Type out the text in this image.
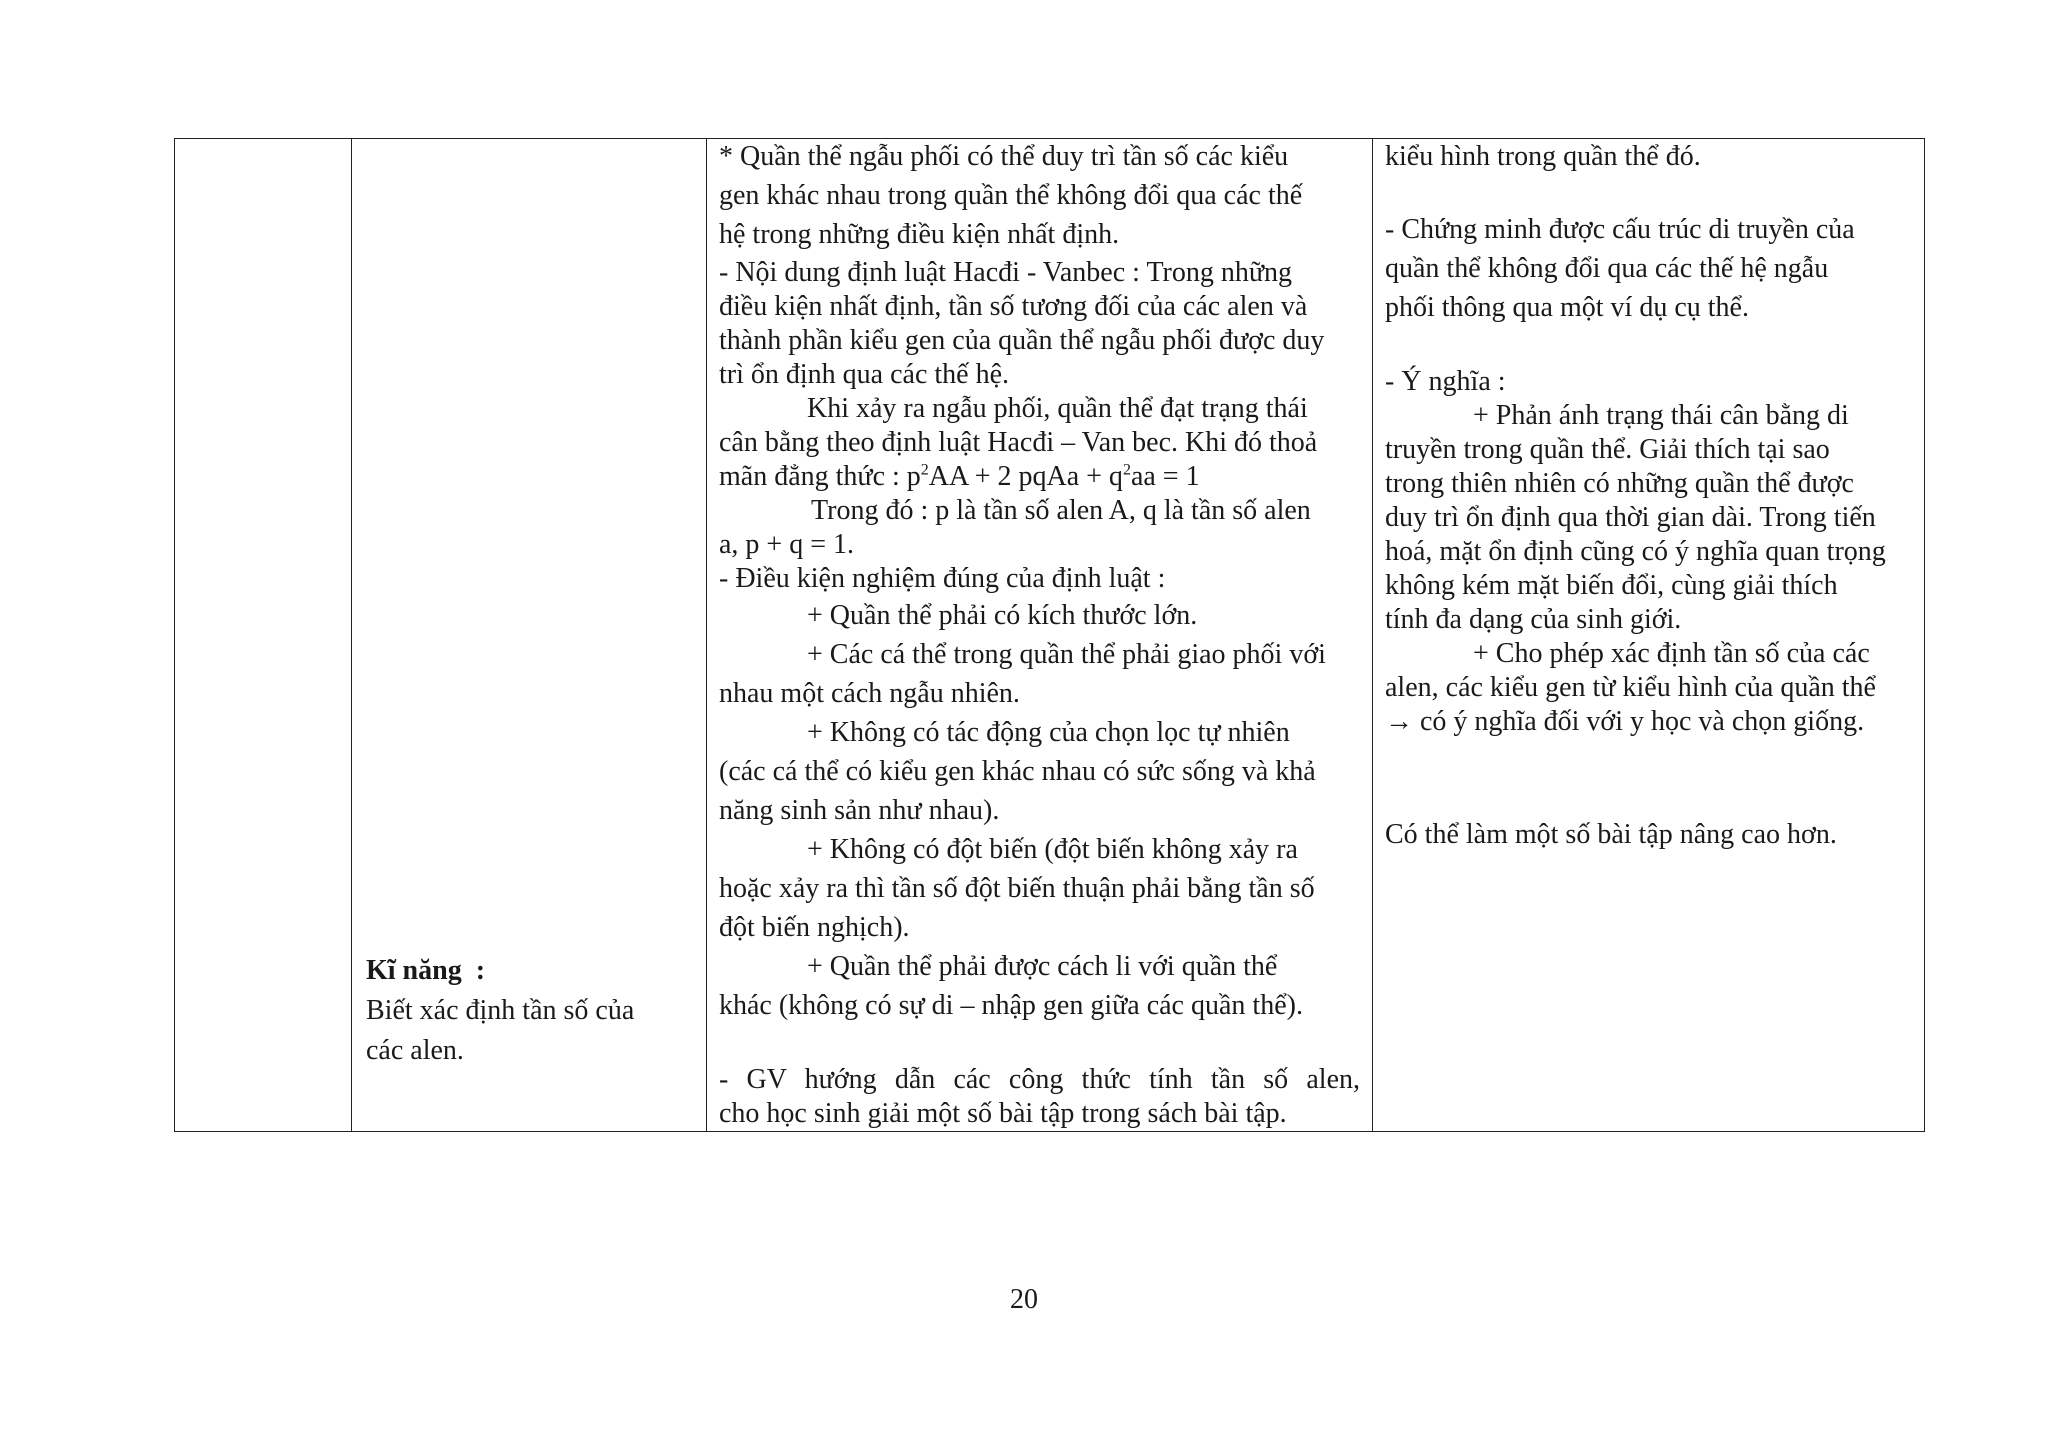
Kĩ năng  :
Biết xác định tần số của
các alen.

* Quần thể ngẫu phối có thể duy trì tần số các kiểu
gen khác nhau trong quần thể không đổi qua các thế
hệ trong những điều kiện nhất định.
- Nội dung định luật Hacđi - Vanbec : Trong những
điều kiện nhất định, tần số tương đối của các alen và
thành phần kiểu gen của quần thể ngẫu phối được duy
trì ổn định qua các thế hệ.
Khi xảy ra ngẫu phối, quần thể đạt trạng thái
cân bằng theo định luật Hacđi – Van bec. Khi đó thoả
mãn đẳng thức : $p^2AA + 2$ pqAa + $q^2aa = 1$
Trong đó : p là tần số alen A, q là tần số alen
a, p + q = 1.
- Điều kiện nghiệm đúng của định luật :
+ Quần thể phải có kích thước lớn.
+ Các cá thể trong quần thể phải giao phối với
nhau một cách ngẫu nhiên.
+ Không có tác động của chọn lọc tự nhiên
(các cá thể có kiểu gen khác nhau có sức sống và khả
năng sinh sản như nhau).
+ Không có đột biến (đột biến không xảy ra
hoặc xảy ra thì tần số đột biến thuận phải bằng tần số
đột biến nghịch).
+ Quần thể phải được cách li với quần thể
khác (không có sự di – nhập gen giữa các quần thể).
- GV hướng dẫn các công thức tính tần số alen,
cho học sinh giải một số bài tập trong sách bài tập.

kiểu hình trong quần thể đó.
- Chứng minh được cấu trúc di truyền của
quần thể không đổi qua các thế hệ ngẫu
phối thông qua một ví dụ cụ thể.
- Ý nghĩa :
+ Phản ánh trạng thái cân bằng di
truyền trong quần thể. Giải thích tại sao
trong thiên nhiên có những quần thể được
duy trì ổn định qua thời gian dài. Trong tiến
hoá, mặt ổn định cũng có ý nghĩa quan trọng
không kém mặt biến đổi, cùng giải thích
tính đa dạng của sinh giới.
+ Cho phép xác định tần số của các
alen, các kiểu gen từ kiểu hình của quần thể
→ có ý nghĩa đối với y học và chọn giống.
Có thể làm một số bài tập nâng cao hơn.
20
